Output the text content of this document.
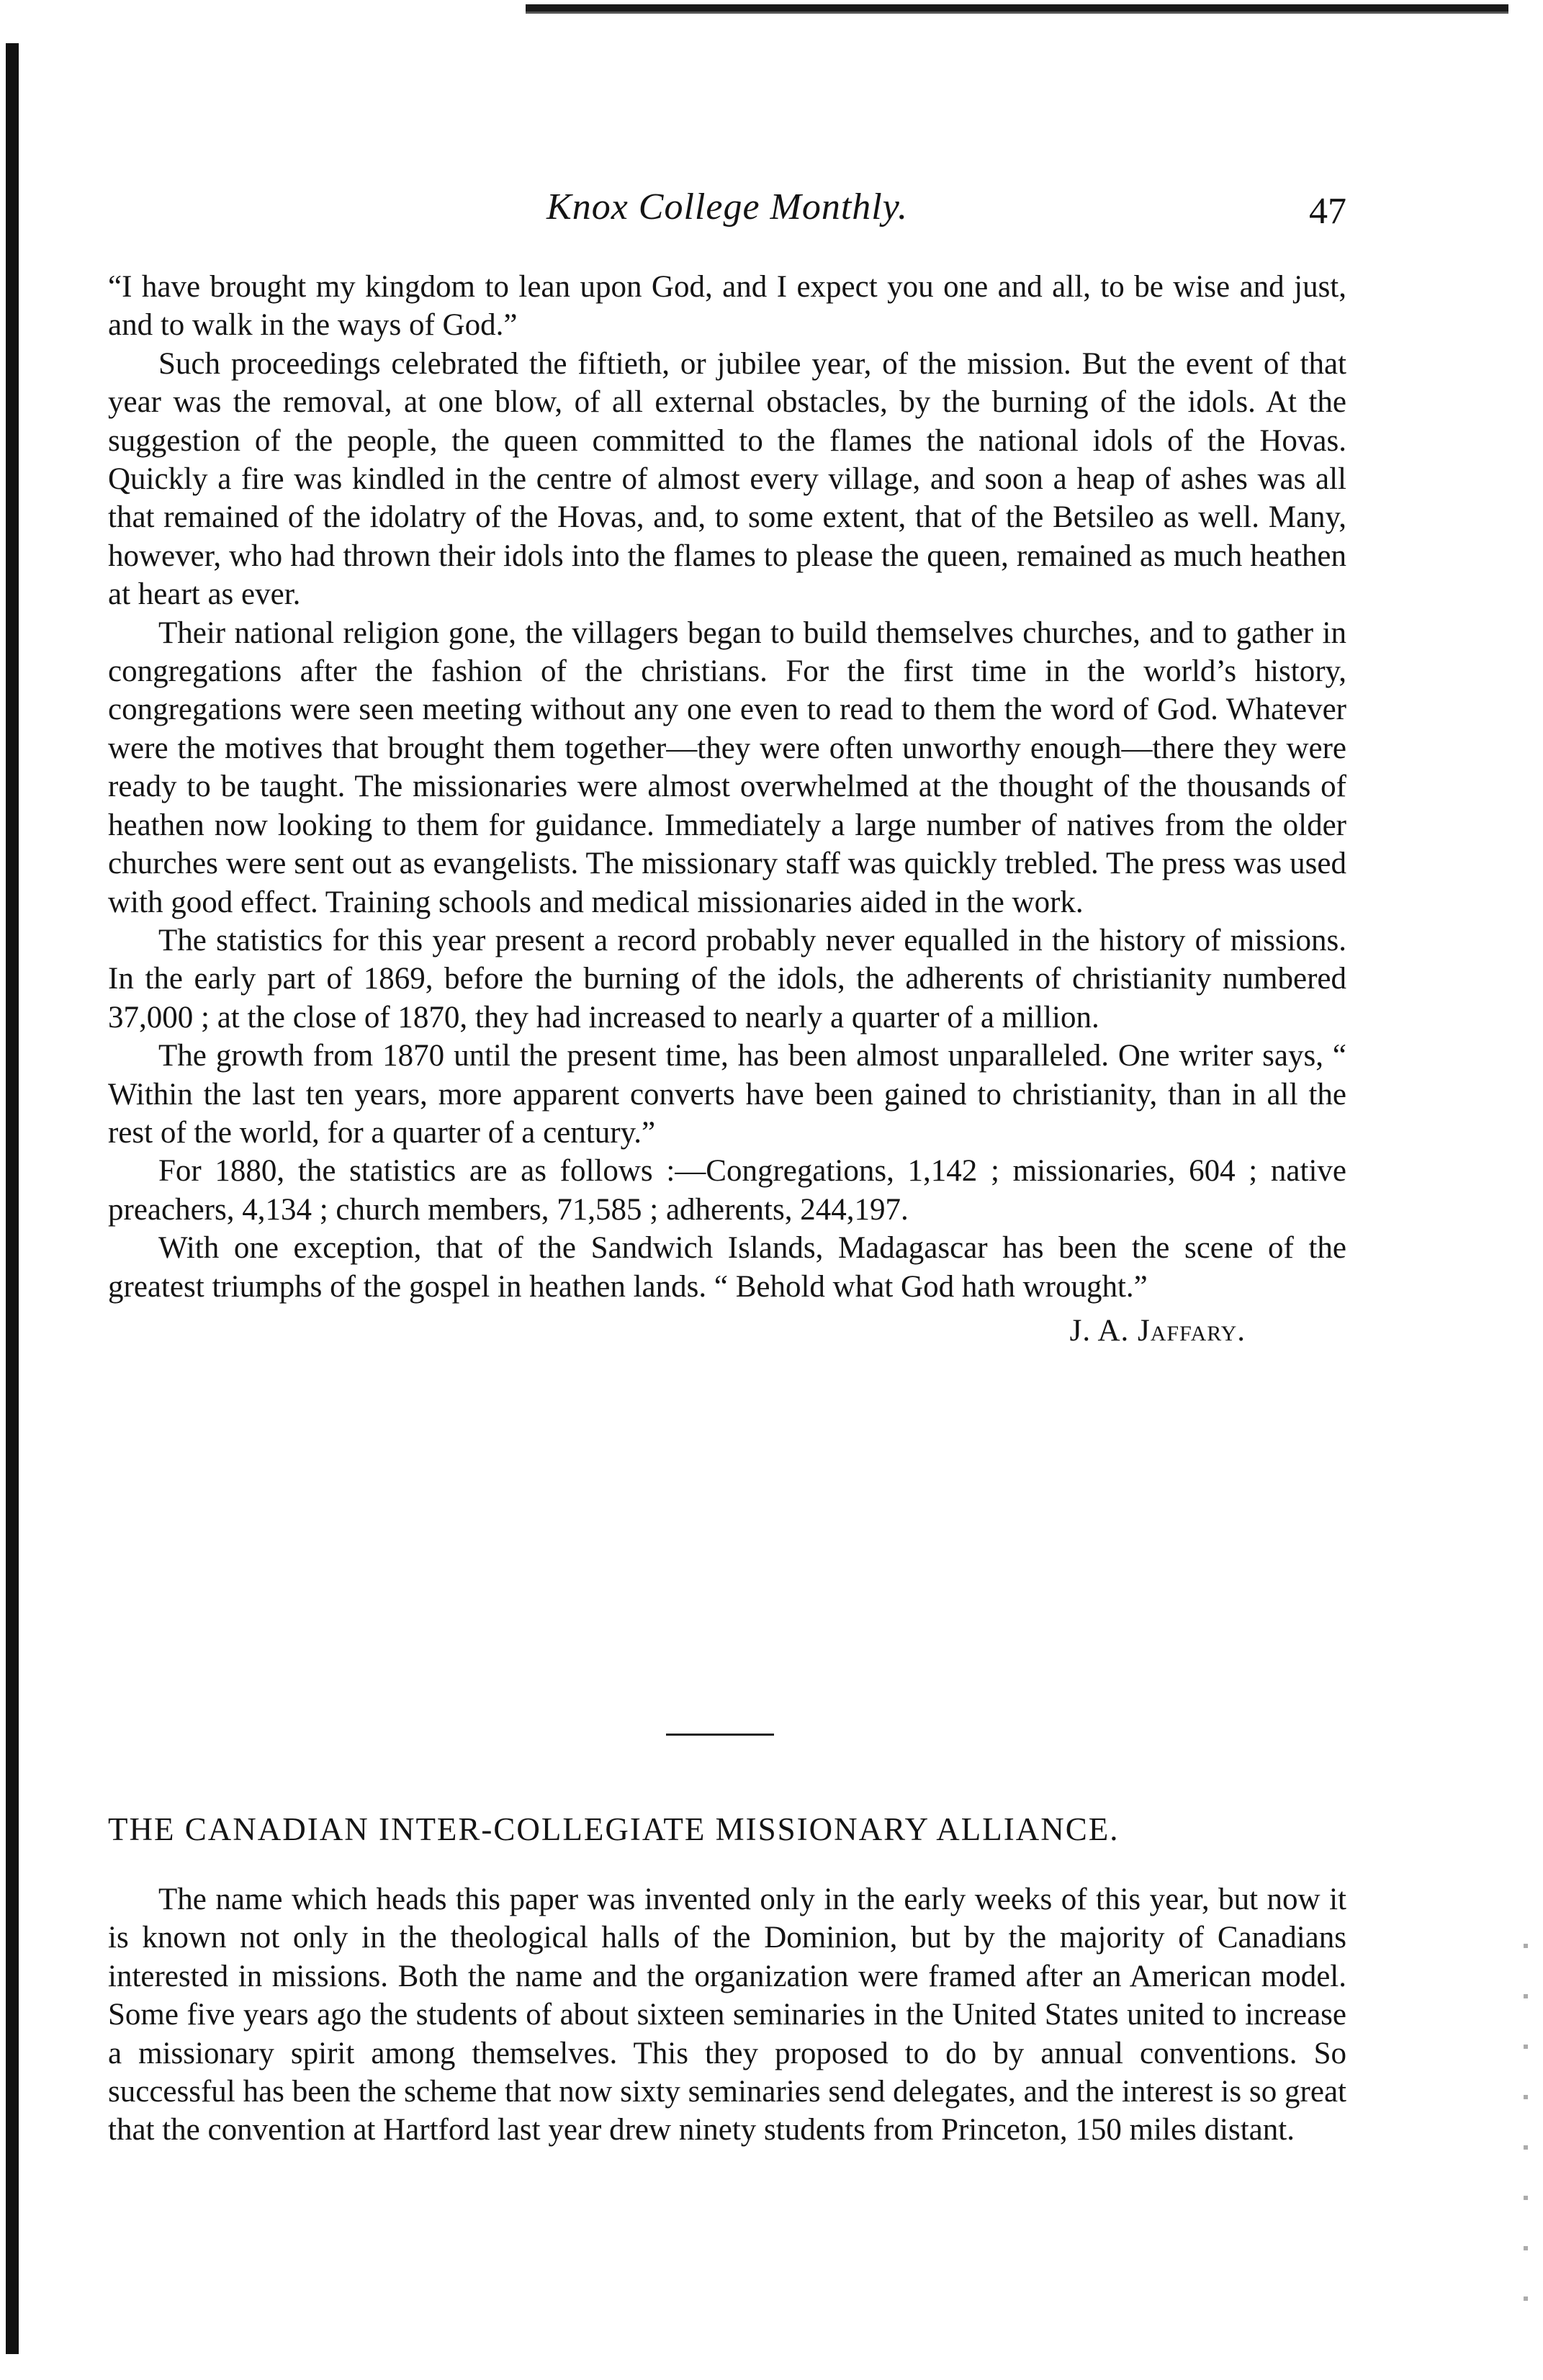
Knox College Monthly.	47

“I have brought my kingdom to lean upon God, and I expect you one and all, to be wise and just, and to walk in the ways of God.”

Such proceedings celebrated the fiftieth, or jubilee year, of the mission. But the event of that year was the removal, at one blow, of all external obstacles, by the burning of the idols. At the suggestion of the people, the queen committed to the flames the national idols of the Hovas. Quickly a fire was kindled in the centre of almost every village, and soon a heap of ashes was all that remained of the idolatry of the Hovas, and, to some extent, that of the Betsileo as well. Many, however, who had thrown their idols into the flames to please the queen, remained as much heathen at heart as ever.

Their national religion gone, the villagers began to build themselves churches, and to gather in congregations after the fashion of the christians. For the first time in the world’s history, congregations were seen meeting without any one even to read to them the word of God. Whatever were the motives that brought them together—they were often unworthy enough—there they were ready to be taught. The missionaries were almost overwhelmed at the thought of the thousands of heathen now looking to them for guidance. Immediately a large number of natives from the older churches were sent out as evangelists. The missionary staff was quickly trebled. The press was used with good effect. Training schools and medical missionaries aided in the work.

The statistics for this year present a record probably never equalled in the history of missions. In the early part of 1869, before the burning of the idols, the adherents of christianity numbered 37,000 ; at the close of 1870, they had increased to nearly a quarter of a million.

The growth from 1870 until the present time, has been almost unparalleled. One writer says, “ Within the last ten years, more apparent converts have been gained to christianity, than in all the rest of the world, for a quarter of a century.”

For 1880, the statistics are as follows :—Congregations, 1,142 ; missionaries, 604 ; native preachers, 4,134 ; church members, 71,585 ; adherents, 244,197.

With one exception, that of the Sandwich Islands, Madagascar has been the scene of the greatest triumphs of the gospel in heathen lands. “ Behold what God hath wrought.”

J. A. Jaffary.
THE CANADIAN INTER-COLLEGIATE MISSIONARY ALLIANCE.

The name which heads this paper was invented only in the early weeks of this year, but now it is known not only in the theological halls of the Dominion, but by the majority of Canadians interested in missions. Both the name and the organization were framed after an American model. Some five years ago the students of about sixteen seminaries in the United States united to increase a missionary spirit among themselves. This they proposed to do by annual conventions. So successful has been the scheme that now sixty seminaries send delegates, and the interest is so great that the convention at Hartford last year drew ninety students from Princeton, 150 miles distant.
